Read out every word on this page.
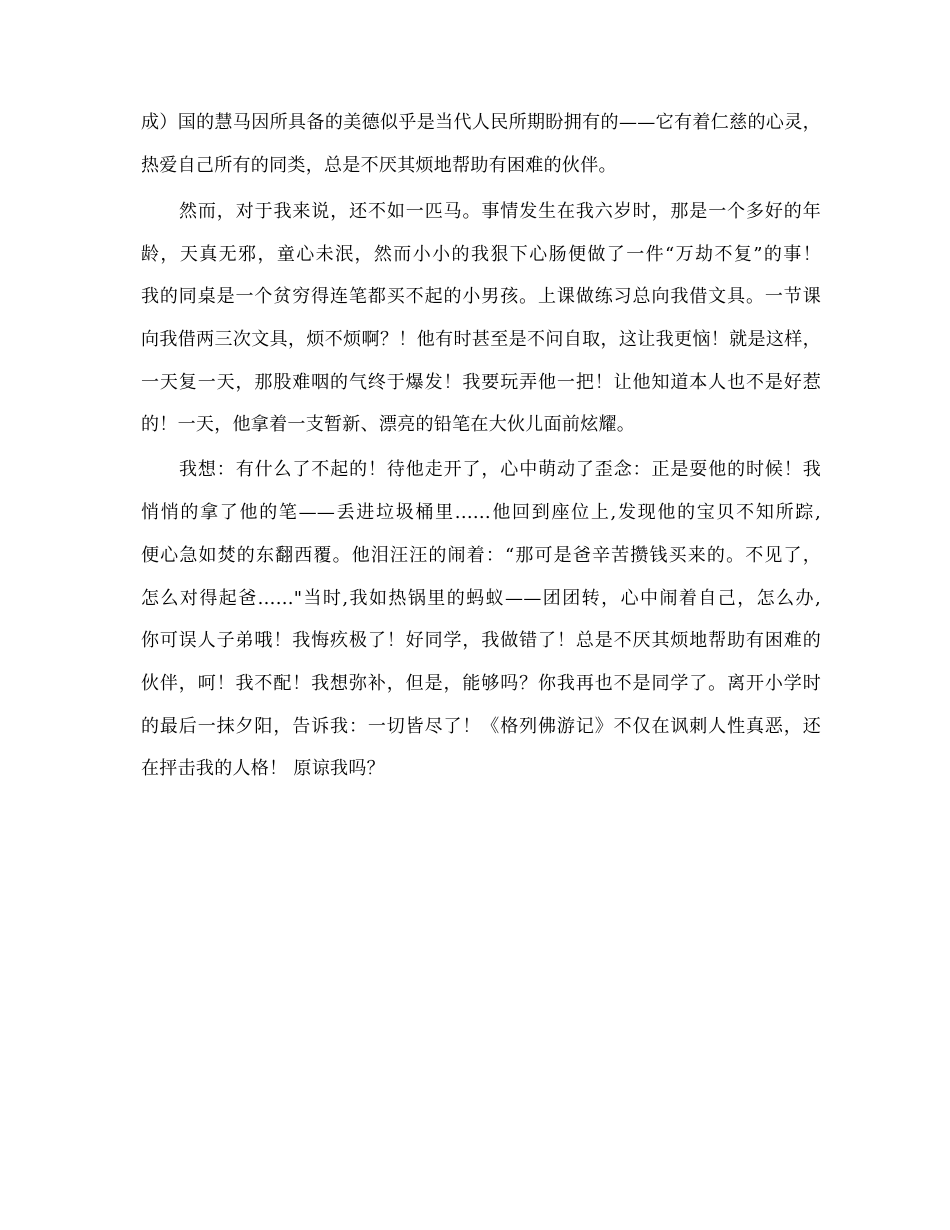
成）国的慧马因所具备的美德似乎是当代人民所期盼拥有的——它有着仁慈的心灵，
热爱自己所有的同类，总是不厌其烦地帮助有困难的伙伴。
然而，对于我来说，还不如一匹马。事情发生在我六岁时，那是一个多好的年
龄，天真无邪，童心未泯，然而小小的我狠下心肠便做了一件“万劫不复”的事！
我的同桌是一个贫穷得连笔都买不起的小男孩。上课做练习总向我借文具。一节课
向我借两三次文具，烦不烦啊？！他有时甚至是不问自取，这让我更恼！就是这样，
一天复一天，那股难咽的气终于爆发！我要玩弄他一把！让他知道本人也不是好惹
的！一天，他拿着一支暂新、漂亮的铅笔在大伙儿面前炫耀。
我想：有什么了不起的！待他走开了，心中萌动了歪念：正是耍他的时候！我
悄悄的拿了他的笔——丢进垃圾桶里......他回到座位上,发现他的宝贝不知所踪,
便心急如焚的东翻西覆。他泪汪汪的闹着：“那可是爸辛苦攒钱买来的。不见了，
怎么对得起爸......"当时,我如热锅里的蚂蚁——团团转，心中闹着自己，怎么办,
你可误人子弟哦！我悔疚极了！好同学，我做错了！总是不厌其烦地帮助有困难的
伙伴，呵！我不配！我想弥补，但是，能够吗？你我再也不是同学了。离开小学时
的最后一抹夕阳，告诉我：一切皆尽了！《格列佛游记》不仅在讽刺人性真恶，还
在抨击我的人格！ 原谅我吗？
